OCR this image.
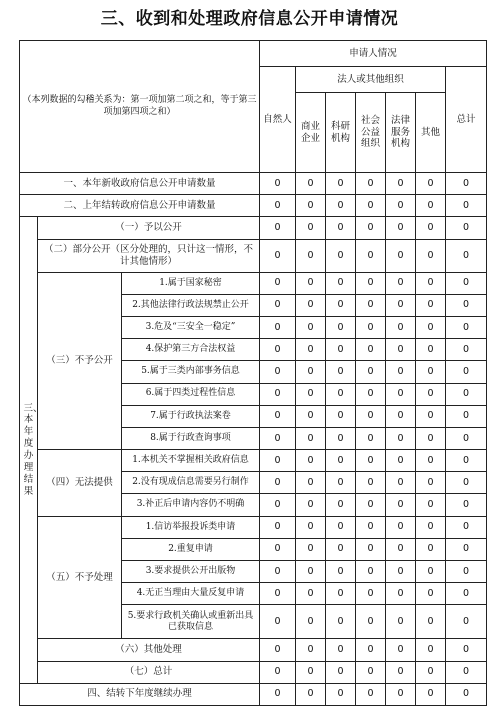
三、收到和处理政府信息公开申请情况
（本列数据的勾稽关系为：第一项加第二项之和，等于第三项加第四项之和）			申请人情况						
			自然人	法人或其他组织					总计
				商业企业	科研机构	社会公益组织	法律服务机构	其他	
一、本年新收政府信息公开申请数量			0	0	0	0	0	0	0
二、上年结转政府信息公开申请数量			0	0	0	0	0	0	0
三、本年度办理结果	（一）予以公开		0	0	0	0	0	0	0
	（二）部分公开（区分处理的，只计这一情形，不计其他情形）		0	0	0	0	0	0	0
	（三）不予公开	1.属于国家秘密	0	0	0	0	0	0	0
		2.其他法律行政法规禁止公开	0	0	0	0	0	0	0
		3.危及“三安全一稳定”	0	0	0	0	0	0	0
		4.保护第三方合法权益	0	0	0	0	0	0	0
		5.属于三类内部事务信息	0	0	0	0	0	0	0
		6.属于四类过程性信息	0	0	0	0	0	0	0
		7.属于行政执法案卷	0	0	0	0	0	0	0
		8.属于行政查询事项	0	0	0	0	0	0	0
	（四）无法提供	1.本机关不掌握相关政府信息	0	0	0	0	0	0	0
		2.没有现成信息需要另行制作	0	0	0	0	0	0	0
		3.补正后申请内容仍不明确	0	0	0	0	0	0	0
	（五）不予处理	1.信访举报投诉类申请	0	0	0	0	0	0	0
		2.重复申请	0	0	0	0	0	0	0
		3.要求提供公开出版物	0	0	0	0	0	0	0
		4.无正当理由大量反复申请	0	0	0	0	0	0	0
		5.要求行政机关确认或重新出具已获取信息	0	0	0	0	0	0	0
	（六）其他处理		0	0	0	0	0	0	0
	（七）总计		0	0	0	0	0	0	0
四、结转下年度继续办理			0	0	0	0	0	0	0
